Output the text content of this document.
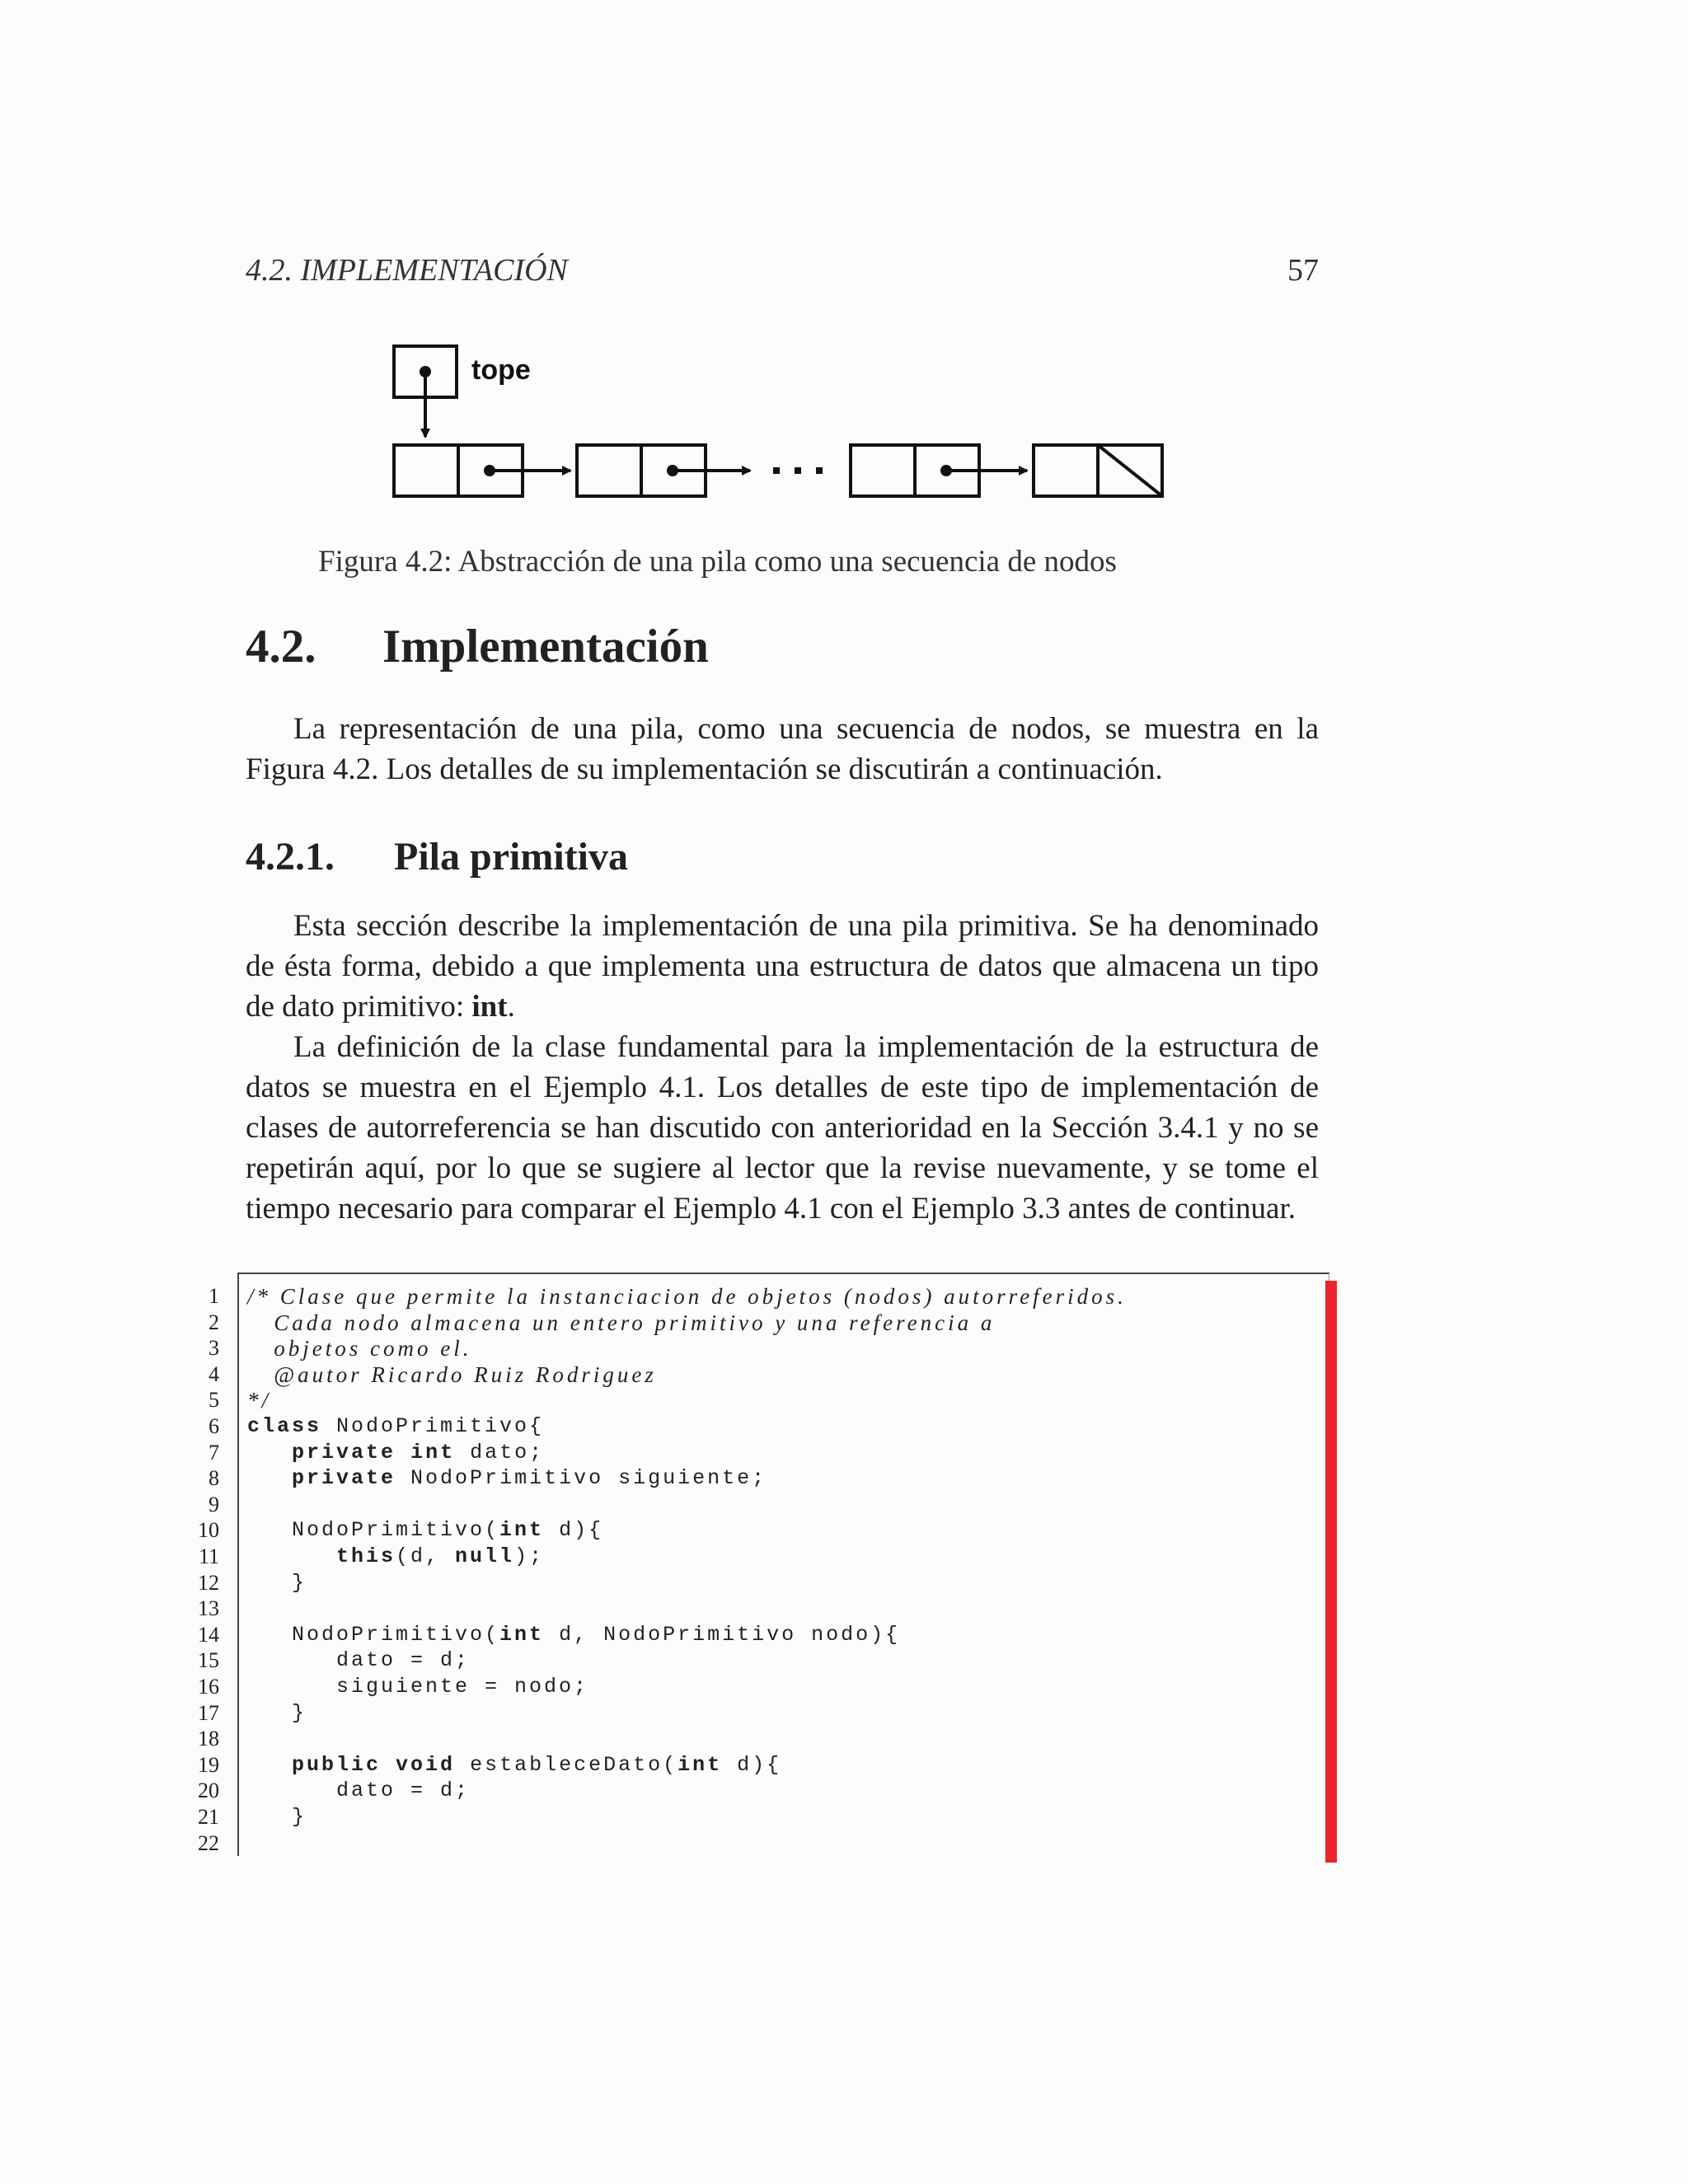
4.2. IMPLEMENTACIÓN	57
tope
Figura 4.2: Abstracción de una pila como una secuencia de nodos
4.2. Implementación

La representación de una pila, como una secuencia de nodos, se muestra en la Figura 4.2. Los detalles de su implementación se discutirán a continuación.

4.2.1. Pila primitiva

Esta sección describe la implementación de una pila primitiva. Se ha denominado de ésta forma, debido a que implementa una estructura de datos que almacena un tipo de dato primitivo: int.

La definición de la clase fundamental para la implementación de la estructura de datos se muestra en el Ejemplo 4.1. Los detalles de este tipo de implementación de clases de autorreferencia se han discutido con anterioridad en la Sección 3.4.1 y no se repetirán aquí, por lo que se sugiere al lector que la revise nuevamente, y se tome el tiempo necesario para comparar el Ejemplo 4.1 con el Ejemplo 3.3 antes de continuar.

1 /* Clase que permite la instanciacion de objetos (nodos) autorreferidos.
2 Cada nodo almacena un entero primitivo y una referencia a
3 objetos como el.
4 @autor Ricardo Ruiz Rodriguez
5 */
6 class NodoPrimitivo{
7	private int dato;
8	private NodoPrimitivo siguiente;
9
10 NodoPrimitivo(int d){
11	this(d, null);
12 }
13
14 NodoPrimitivo(int d, NodoPrimitivo nodo){
15 dato = d;
16 siguiente = nodo;
17 }
18
19	public void estableceDato(int d){
20 dato = d;
21 }
22
